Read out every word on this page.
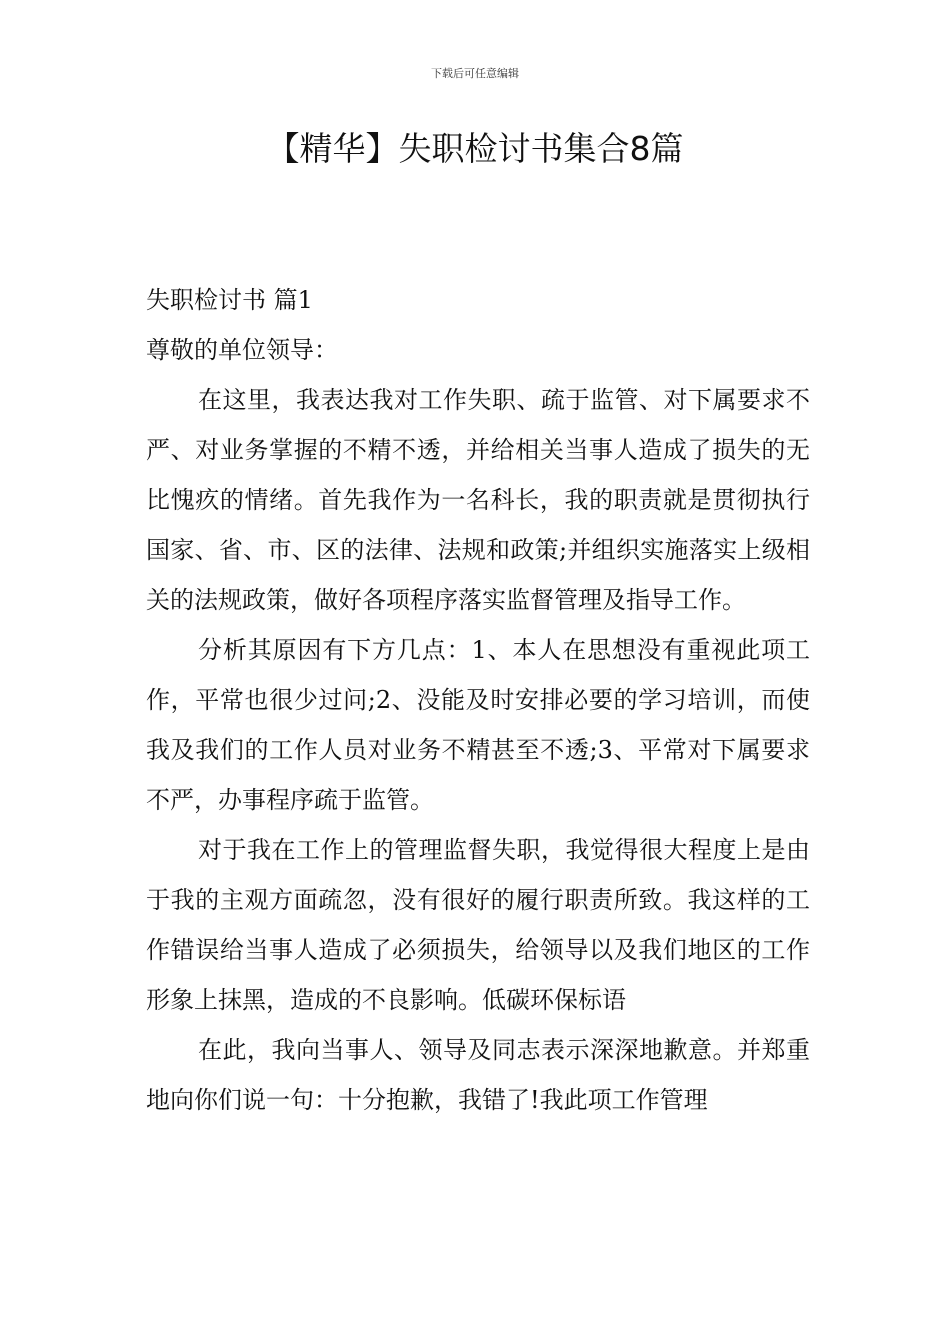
下载后可任意编辑
【精华】失职检讨书集合8篇

失职检讨书 篇1

尊敬的单位领导：

在这里，我表达我对工作失职、疏于监管、对下属要求不严、对业务掌握的不精不透，并给相关当事人造成了损失的无比愧疚的情绪。首先我作为一名科长，我的职责就是贯彻执行国家、省、市、区的法律、法规和政策;并组织实施落实上级相关的法规政策，做好各项程序落实监督管理及指导工作。

分析其原因有下方几点：1、本人在思想没有重视此项工作，平常也很少过问;2、没能及时安排必要的学习培训，而使我及我们的工作人员对业务不精甚至不透;3、平常对下属要求不严，办事程序疏于监管。

对于我在工作上的管理监督失职，我觉得很大程度上是由于我的主观方面疏忽，没有很好的履行职责所致。我这样的工作错误给当事人造成了必须损失，给领导以及我们地区的工作形象上抹黑，造成的不良影响。低碳环保标语

在此，我向当事人、领导及同志表示深深地歉意。并郑重地向你们说一句：十分抱歉，我错了!我此项工作管理
